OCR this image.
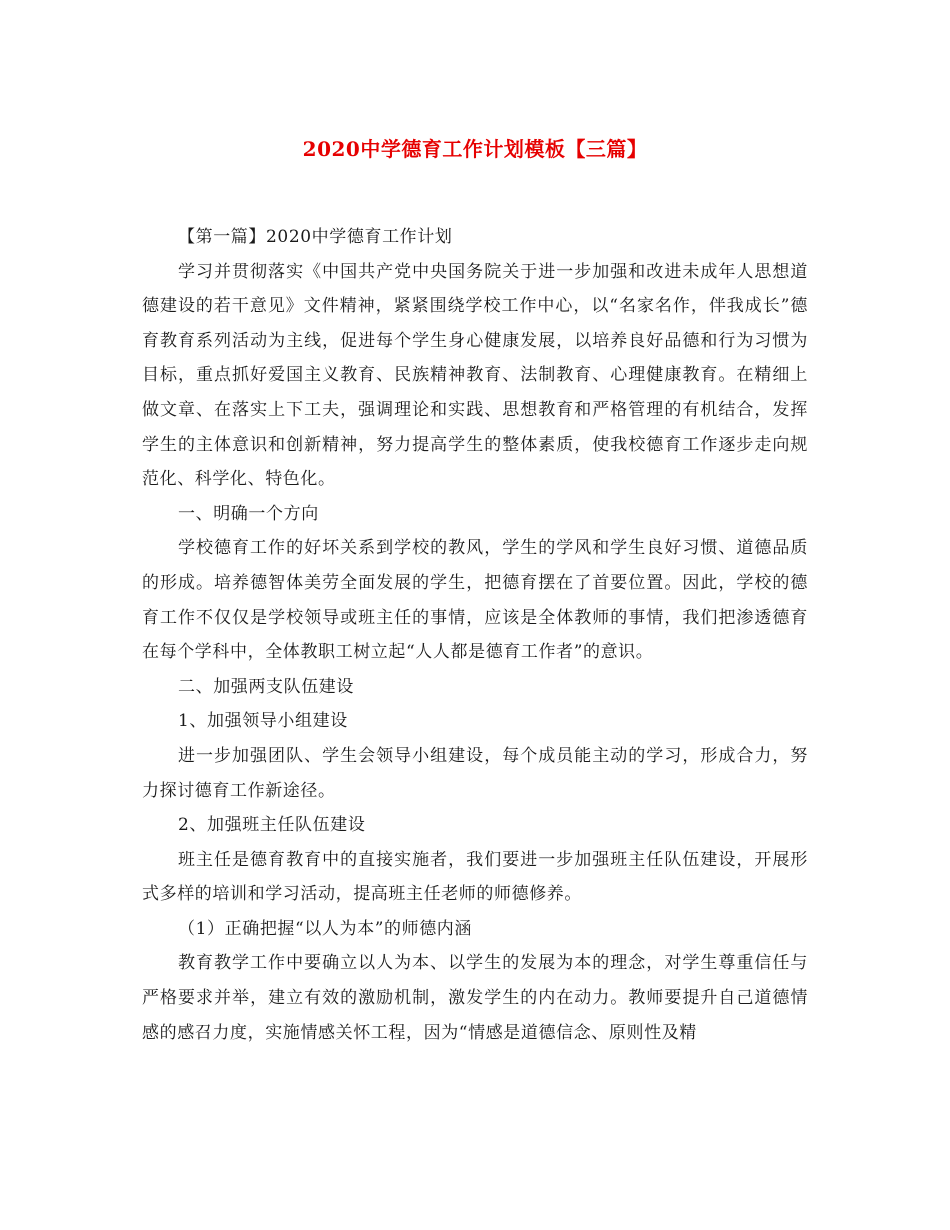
2020中学德育工作计划模板【三篇】

【第一篇】2020中学德育工作计划

学习并贯彻落实《中国共产党中央国务院关于进一步加强和改进未成年人思想道德建设的若干意见》文件精神，紧紧围绕学校工作中心，以“名家名作，伴我成长”德育教育系列活动为主线，促进每个学生身心健康发展，以培养良好品德和行为习惯为目标，重点抓好爱国主义教育、民族精神教育、法制教育、心理健康教育。在精细上做文章、在落实上下工夫，强调理论和实践、思想教育和严格管理的有机结合，发挥学生的主体意识和创新精神，努力提高学生的整体素质，使我校德育工作逐步走向规范化、科学化、特色化。

一、明确一个方向

学校德育工作的好坏关系到学校的教风，学生的学风和学生良好习惯、道德品质的形成。培养德智体美劳全面发展的学生，把德育摆在了首要位置。因此，学校的德育工作不仅仅是学校领导或班主任的事情，应该是全体教师的事情，我们把渗透德育在每个学科中，全体教职工树立起“人人都是德育工作者”的意识。

二、加强两支队伍建设

1、加强领导小组建设

进一步加强团队、学生会领导小组建设，每个成员能主动的学习，形成合力，努力探讨德育工作新途径。

2、加强班主任队伍建设

班主任是德育教育中的直接实施者，我们要进一步加强班主任队伍建设，开展形式多样的培训和学习活动，提高班主任老师的师德修养。

（1）正确把握“以人为本”的师德内涵

教育教学工作中要确立以人为本、以学生的发展为本的理念，对学生尊重信任与严格要求并举，建立有效的激励机制，激发学生的内在动力。教师要提升自己道德情感的感召力度，实施情感关怀工程，因为“情感是道德信念、原则性及精
